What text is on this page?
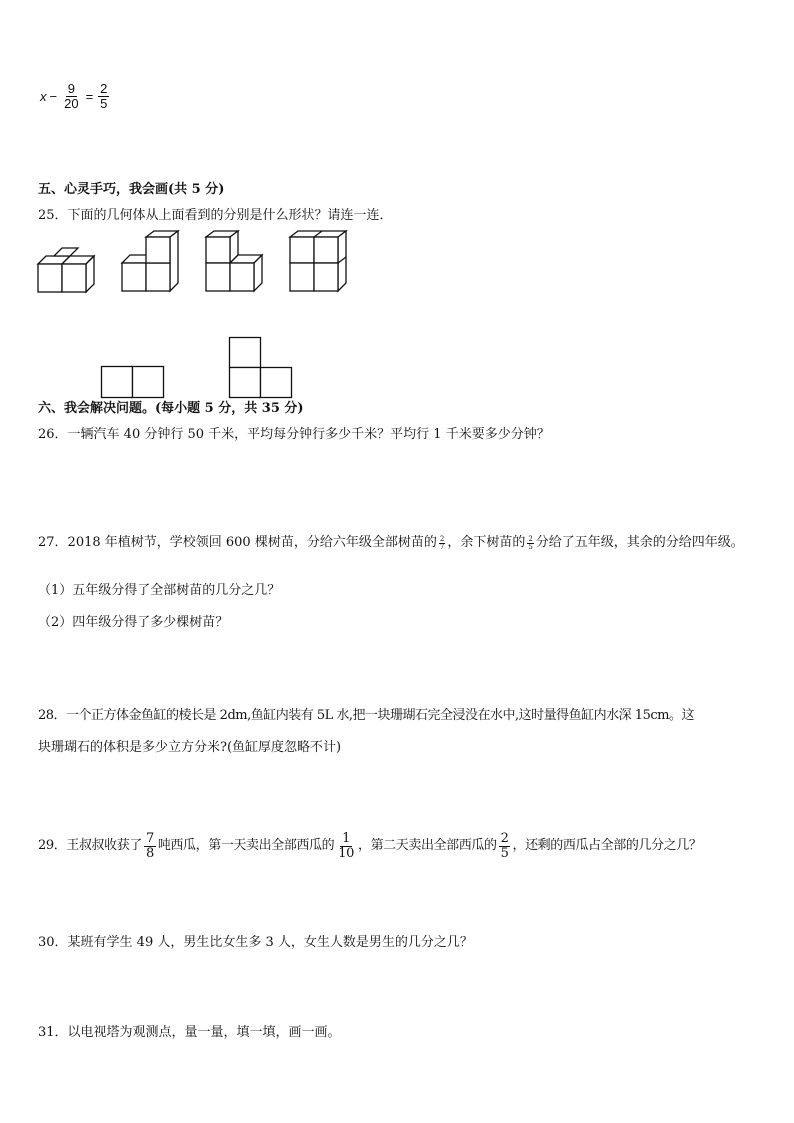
$x - \frac{9}{20} = \frac{2}{5}$
五、心灵手巧，我会画(共 5 分)
25．下面的几何体从上面看到的分别是什么形状？请连一连．
六、我会解决问题。(每小题 5 分，共 35 分)
26．一辆汽车 40 分钟行 50 千米，平均每分钟行多少千米？平均行 1 千米要多少分钟？
27．2018 年植树节，学校领回 600 棵树苗，分给六年级全部树苗的 $\frac{2}{7}$ ，余下树苗的 $\frac{2}{5}$ 分给了五年级，其余的分给四年级。
（1）五年级分得了全部树苗的几分之几？
（2）四年级分得了多少棵树苗？
28．一个正方体金鱼缸的棱长是 2dm,鱼缸内装有 5L 水,把一块珊瑚石完全浸没在水中,这时量得鱼缸内水深 15cm。这
块珊瑚石的体积是多少立方分米?(鱼缸厚度忽略不计)
29．王叔叔收获了 $\frac{7}{8}$ 吨西瓜，第一天卖出全部西瓜的 $\frac{1}{10}$ ，第二天卖出全部西瓜的 $\frac{2}{5}$ ，还剩的西瓜占全部的几分之几？
30．某班有学生 49 人，男生比女生多 3 人，女生人数是男生的几分之几？
31．以电视塔为观测点，量一量，填一填，画一画。
